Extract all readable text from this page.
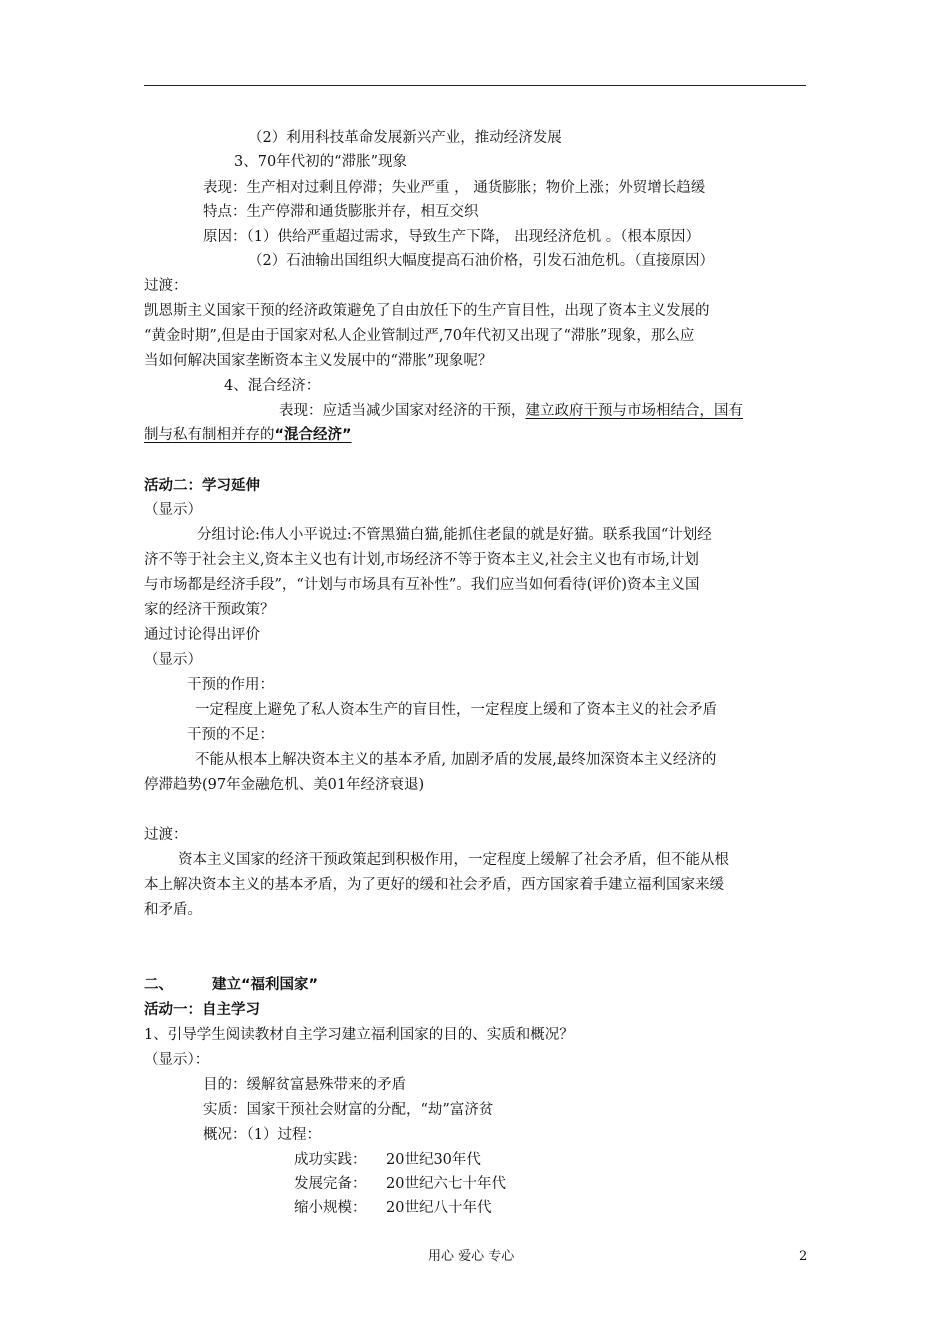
（2）利用科技革命发展新兴产业，推动经济发展
3、70年代初的“滞胀”现象
表现：生产相对过剩且停滞；失业严重 ， 通货膨胀；物价上涨；外贸增长趋缓
特点：生产停滞和通货膨胀并存，相互交织
原因：（1）供给严重超过需求，导致生产下降， 出现经济危机 。（根本原因）
（2）石油输出国组织大幅度提高石油价格，引发石油危机。（直接原因）
过渡：
凯恩斯主义国家干预的经济政策避免了自由放任下的生产盲目性，出现了资本主义发展的
“黄金时期”,但是由于国家对私人企业管制过严,70年代初又出现了“滞胀”现象，那么应
当如何解决国家垄断资本主义发展中的“滞胀”现象呢？
4、混合经济：
表现：应适当减少国家对经济的干预，建立政府干预与市场相结合，国有
制与私有制相并存的“混合经济”
活动二：学习延伸
（显示）
分组讨论:伟人小平说过:不管黑猫白猫,能抓住老鼠的就是好猫。联系我国“计划经
济不等于社会主义,资本主义也有计划,市场经济不等于资本主义,社会主义也有市场,计划
与市场都是经济手段”，“计划与市场具有互补性”。我们应当如何看待(评价)资本主义国
家的经济干预政策？
通过讨论得出评价
（显示）
干预的作用：
一定程度上避免了私人资本生产的盲目性，一定程度上缓和了资本主义的社会矛盾
干预的不足：
不能从根本上解决资本主义的基本矛盾, 加剧矛盾的发展,最终加深资本主义经济的
停滞趋势(97年金融危机、美01年经济衰退)
过渡：
资本主义国家的经济干预政策起到积极作用，一定程度上缓解了社会矛盾，但不能从根
本上解决资本主义的基本矛盾，为了更好的缓和社会矛盾，西方国家着手建立福利国家来缓
和矛盾。
二、	建立“福利国家”
活动一：自主学习
1、引导学生阅读教材自主学习建立福利国家的目的、实质和概况？
（显示）：
目的：缓解贫富悬殊带来的矛盾
实质：国家干预社会财富的分配，“劫”富济贫
概况：（1）过程：
成功实践： 20世纪30年代
发展完备： 20世纪六七十年代
缩小规模： 20世纪八十年代
用心 爱心 专心	2
